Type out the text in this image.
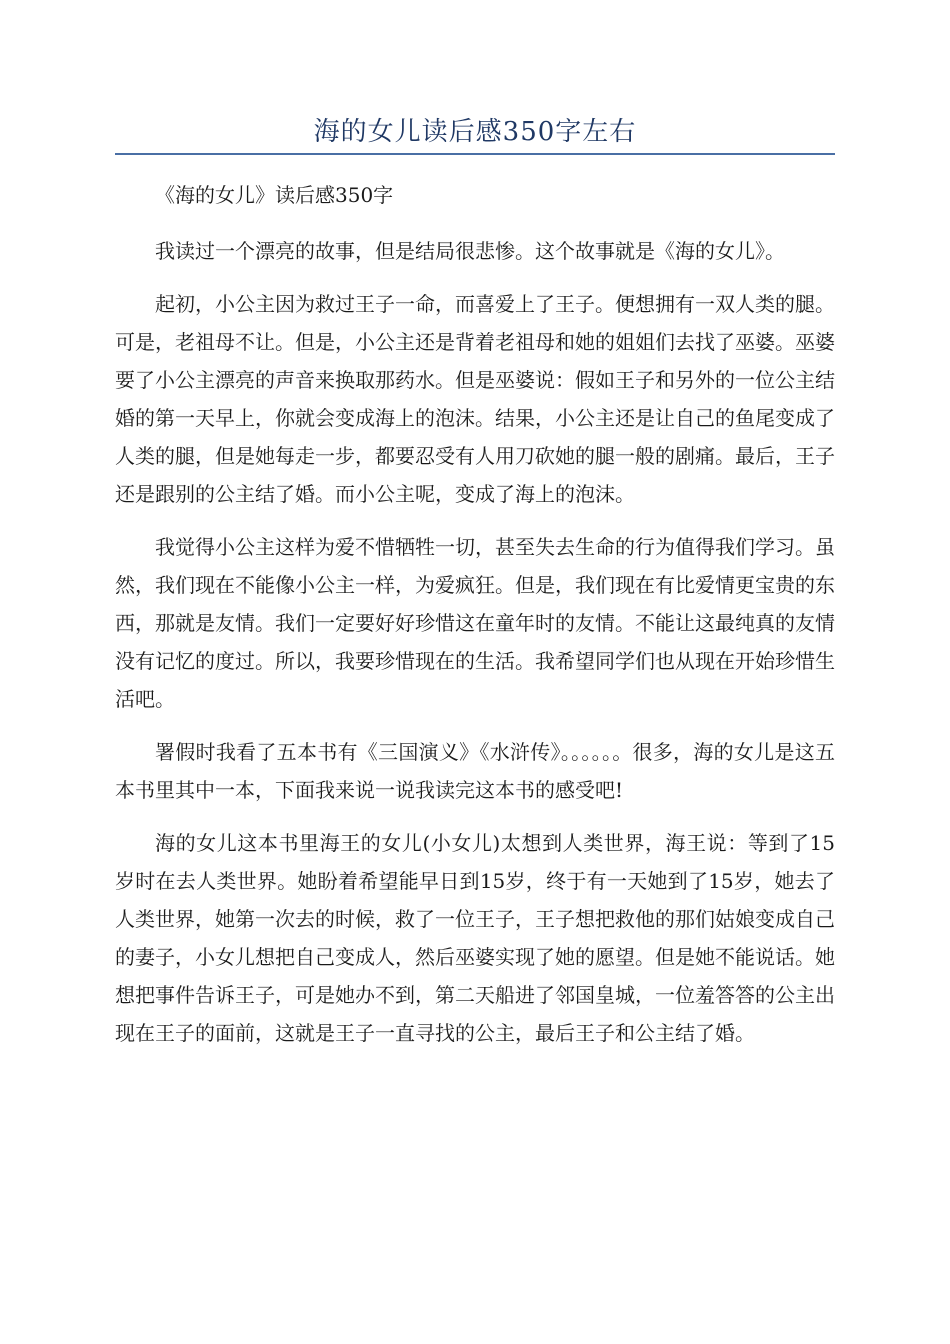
海的女儿读后感350字左右

《海的女儿》读后感350字

我读过一个漂亮的故事，但是结局很悲惨。这个故事就是《海的女儿》。

起初，小公主因为救过王子一命，而喜爱上了王子。便想拥有一双人类的腿。可是，老祖母不让。但是，小公主还是背着老祖母和她的姐姐们去找了巫婆。巫婆要了小公主漂亮的声音来换取那药水。但是巫婆说：假如王子和另外的一位公主结婚的第一天早上，你就会变成海上的泡沫。结果，小公主还是让自己的鱼尾变成了人类的腿，但是她每走一步，都要忍受有人用刀砍她的腿一般的剧痛。最后，王子还是跟别的公主结了婚。而小公主呢，变成了海上的泡沫。

我觉得小公主这样为爱不惜牺牲一切，甚至失去生命的行为值得我们学习。虽然，我们现在不能像小公主一样，为爱疯狂。但是，我们现在有比爱情更宝贵的东西，那就是友情。我们一定要好好珍惜这在童年时的友情。不能让这最纯真的友情没有记忆的度过。所以，我要珍惜现在的生活。我希望同学们也从现在开始珍惜生活吧。

署假时我看了五本书有《三国演义》《水浒传》。。。。。。很多，海的女儿是这五本书里其中一本，下面我来说一说我读完这本书的感受吧!

海的女儿这本书里海王的女儿(小女儿)太想到人类世界，海王说：等到了15岁时在去人类世界。她盼着希望能早日到15岁，终于有一天她到了15岁，她去了人类世界，她第一次去的时候，救了一位王子，王子想把救他的那们姑娘变成自己的妻子，小女儿想把自己变成人，然后巫婆实现了她的愿望。但是她不能说话。她想把事件告诉王子，可是她办不到，第二天船进了邻国皇城，一位羞答答的公主出现在王子的面前，这就是王子一直寻找的公主，最后王子和公主结了婚。
